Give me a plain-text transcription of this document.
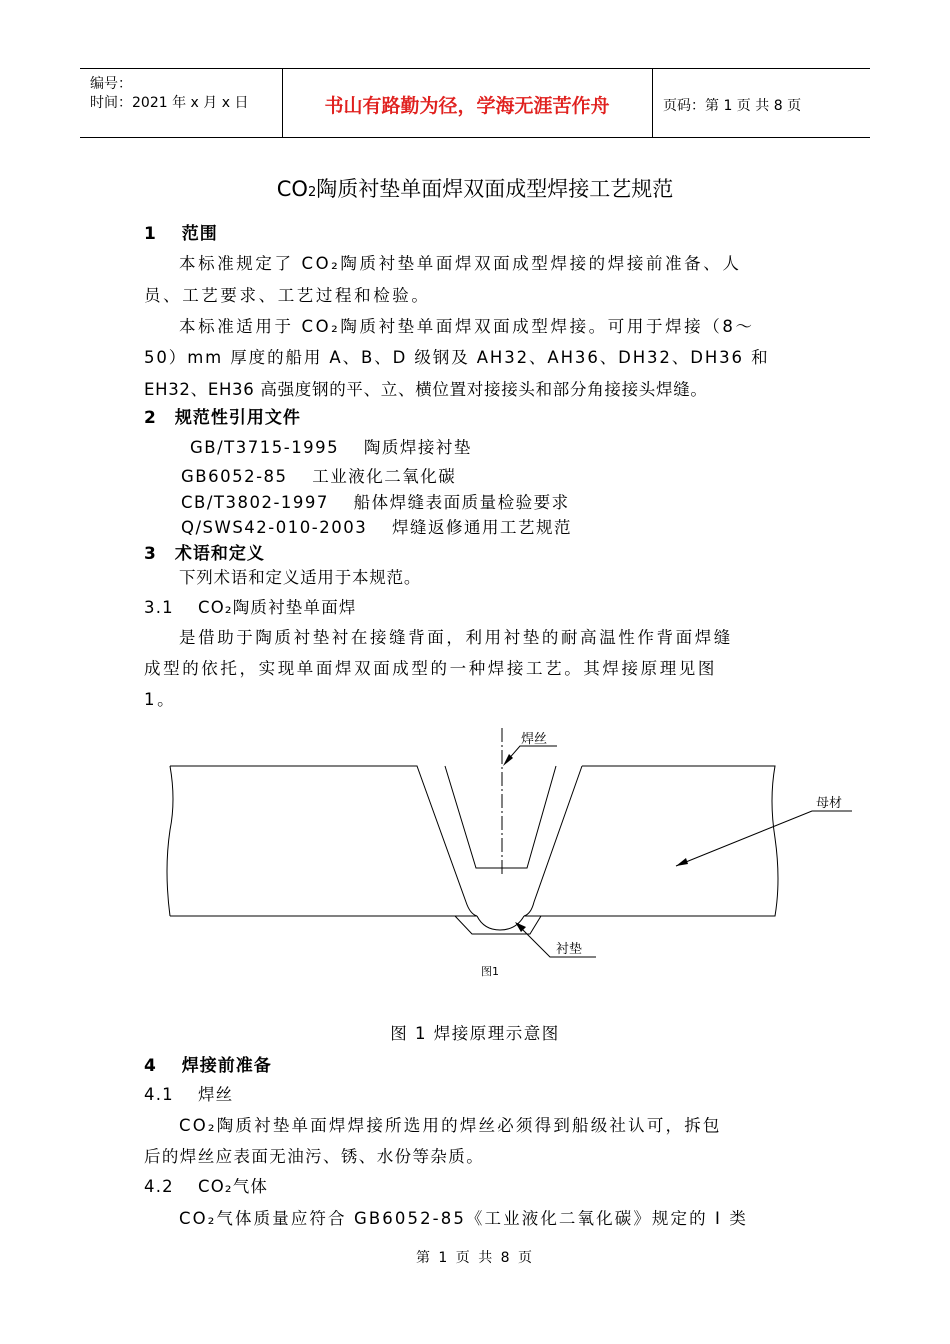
编号：
时间：2021 年 x 月 x 日	书山有路勤为径，学海无涯苦作舟	页码：第 1 页 共 8 页
CO2陶质衬垫单面焊双面成型焊接工艺规范
1　 范围
本标准规定了 CO₂陶质衬垫单面焊双面成型焊接的焊接前准备、人
员、工艺要求、工艺过程和检验。
本标准适用于 CO₂陶质衬垫单面焊双面成型焊接。可用于焊接（8～
50）mm 厚度的船用 A、B、D 级钢及 AH32、AH36、DH32、DH36 和
EH32、EH36 高强度钢的平、立、横位置对接接头和部分角接接头焊缝。
2　规范性引用文件
GB/T3715-1995　 陶质焊接衬垫
GB6052-85　 工业液化二氧化碳
CB/T3802-1997　 船体焊缝表面质量检验要求
Q/SWS42-010-2003　 焊缝返修通用工艺规范
3　术语和定义
下列术语和定义适用于本规范。
3.1　 CO₂陶质衬垫单面焊
是借助于陶质衬垫衬在接缝背面，利用衬垫的耐高温性作背面焊缝
成型的依托，实现单面焊双面成型的一种焊接工艺。其焊接原理见图
1。
焊丝
母材
衬垫
图1
图 1 焊接原理示意图
4　 焊接前准备
4.1　 焊丝
CO₂陶质衬垫单面焊焊接所选用的焊丝必须得到船级社认可，拆包
后的焊丝应表面无油污、锈、水份等杂质。
4.2　 CO₂气体
CO₂气体质量应符合 GB6052-85《工业液化二氧化碳》规定的 I 类
第 1 页 共 8 页
